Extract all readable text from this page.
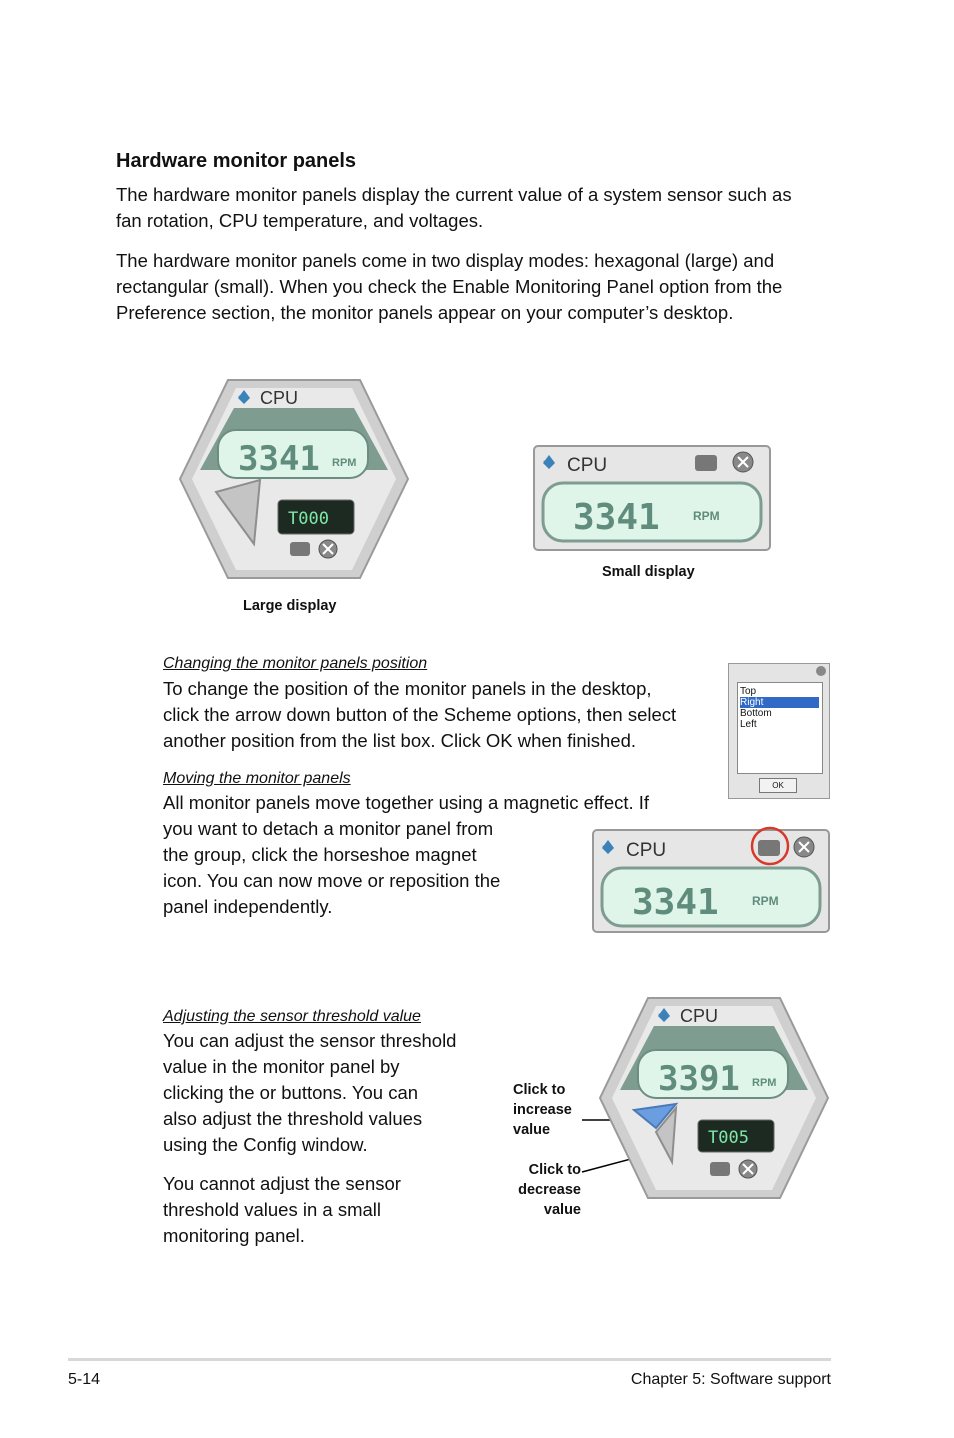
Hardware monitor panels
The hardware monitor panels display the current value of a system sensor such as
fan rotation, CPU temperature, and voltages.
The hardware monitor panels come in two display modes: hexagonal (large) and
rectangular (small). When you check the Enable Monitoring Panel option from the
Preference section, the monitor panels appear on your computer’s desktop.
CPU
3341 RPM
T000
Large display
CPU
3341	RPM
Small display
Changing the monitor panels position
To change the position of the monitor panels in the desktop,
click the arrow down button of the Scheme options, then select
another position from the list box. Click OK when finished.
Top
Right
Bottom
Left
OK
Moving the monitor panels
All monitor panels move together using a magnetic effect. If
you want to detach a monitor panel from
the group, click the horseshoe magnet
icon. You can now move or reposition the
panel independently.
CPU
3341	RPM
Adjusting the sensor threshold value
You can adjust the sensor threshold
value in the monitor panel by
clicking the or buttons. You can
also adjust the threshold values
using the Config window.
You cannot adjust the sensor
threshold values in a small
monitoring panel.
Click to
increase
value
Click to
decrease
value
CPU
3391 RPM
T005
5-14	Chapter 5: Software support
